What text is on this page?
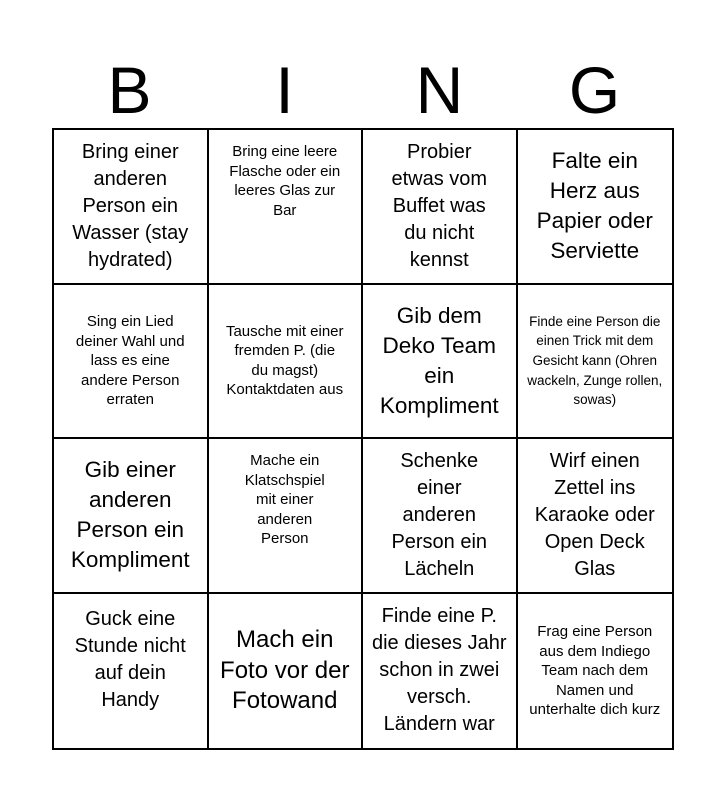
B	I	N	G
Bring einer anderen Person ein Wasser (stay hydrated)
Bring eine leere Flasche oder ein leeres Glas zur Bar
Probier etwas vom Buffet was du nicht kennst
Falte ein Herz aus Papier oder Serviette
Sing ein Lied deiner Wahl und lass es eine andere Person erraten
Tausche mit einer fremden P. (die du magst) Kontaktdaten aus
Gib dem Deko Team ein Kompliment
Finde eine Person die einen Trick mit dem Gesicht kann (Ohren wackeln, Zunge rollen, sowas)
Gib einer anderen Person ein Kompliment
Mache ein Klatschspiel mit einer anderen Person
Schenke einer anderen Person ein Lächeln
Wirf einen Zettel ins Karaoke oder Open Deck Glas
Guck eine Stunde nicht auf dein Handy
Mach ein Foto vor der Fotowand
Finde eine P. die dieses Jahr schon in zwei versch. Ländern war
Frag eine Person aus dem Indiego Team nach dem Namen und unterhalte dich kurz
